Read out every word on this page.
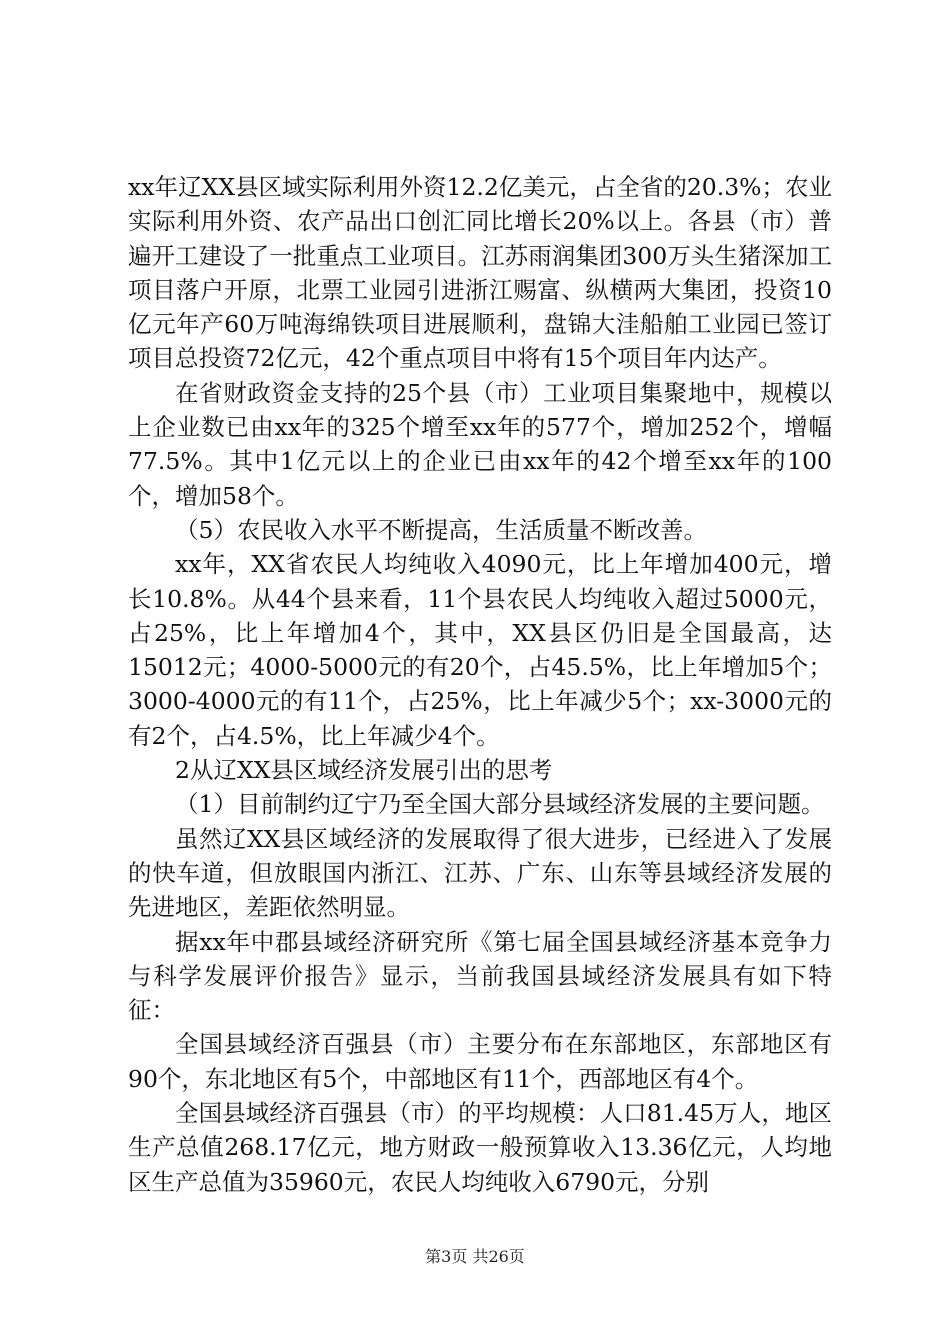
xx年辽XX县区域实际利用外资12.2亿美元，占全省的20.3%；农业实际利用外资、农产品出口创汇同比增长20%以上。各县（市）普遍开工建设了一批重点工业项目。江苏雨润集团300万头生猪深加工项目落户开原，北票工业园引进浙江赐富、纵横两大集团，投资10亿元年产60万吨海绵铁项目进展顺利，盘锦大洼船舶工业园已签订项目总投资72亿元，42个重点项目中将有15个项目年内达产。

在省财政资金支持的25个县（市）工业项目集聚地中，规模以上企业数已由xx年的325个增至xx年的577个，增加252个，增幅77.5%。其中1亿元以上的企业已由xx年的42个增至xx年的100个，增加58个。

（5）农民收入水平不断提高，生活质量不断改善。

xx年，XX省农民人均纯收入4090元，比上年增加400元，增长10.8%。从44个县来看，11个县农民人均纯收入超过5000元，占25%，比上年增加4个，其中，XX县区仍旧是全国最高，达15012元；4000-5000元的有20个，占45.5%，比上年增加5个；3000-4000元的有11个，占25%，比上年减少5个；xx-3000元的有2个，占4.5%，比上年减少4个。

2从辽XX县区域经济发展引出的思考

（1）目前制约辽宁乃至全国大部分县域经济发展的主要问题。

虽然辽XX县区域经济的发展取得了很大进步，已经进入了发展的快车道，但放眼国内浙江、江苏、广东、山东等县域经济发展的先进地区，差距依然明显。

据xx年中郡县域经济研究所《第七届全国县域经济基本竞争力与科学发展评价报告》显示，当前我国县域经济发展具有如下特征：

全国县域经济百强县（市）主要分布在东部地区，东部地区有90个，东北地区有5个，中部地区有11个，西部地区有4个。

全国县域经济百强县（市）的平均规模：人口81.45万人，地区生产总值268.17亿元，地方财政一般预算收入13.36亿元，人均地区生产总值为35960元，农民人均纯收入6790元，分别

第3页 共26页
